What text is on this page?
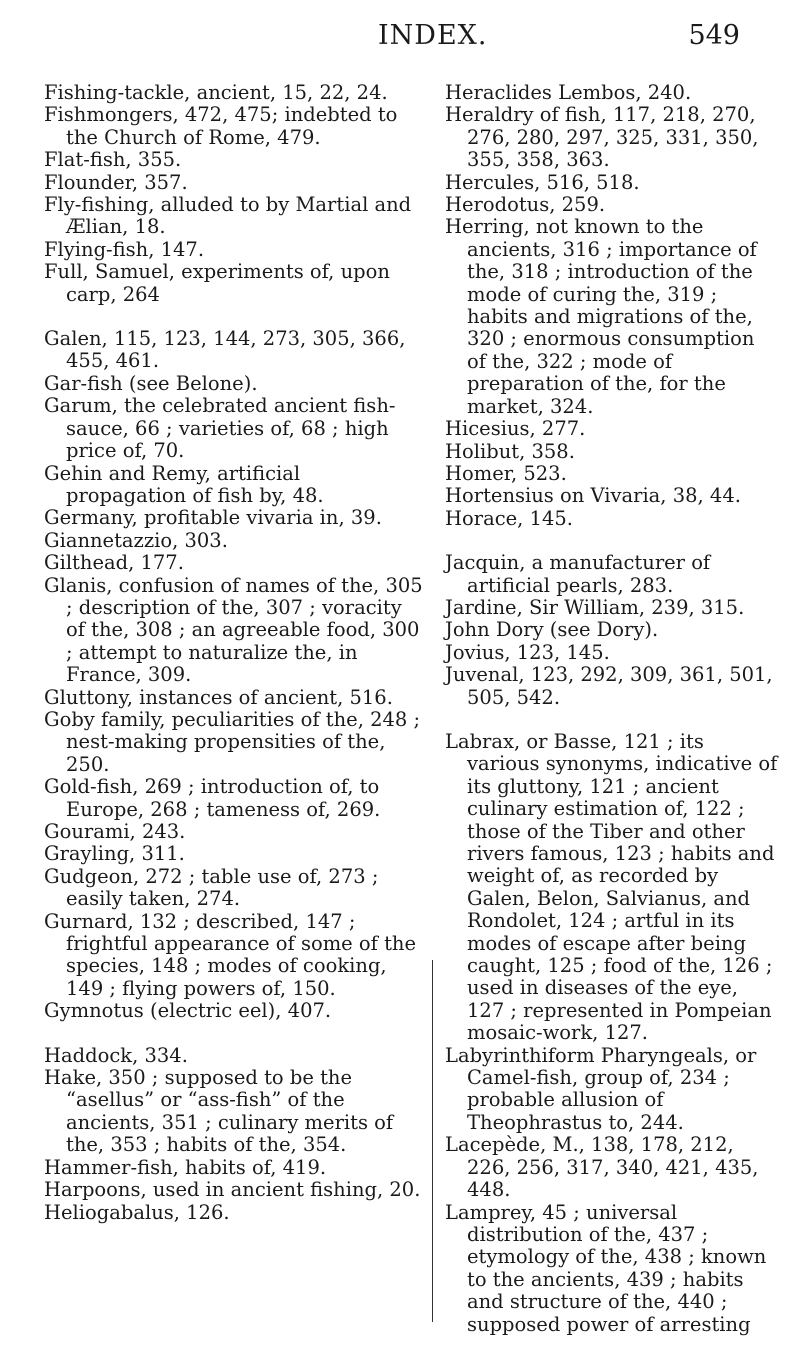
INDEX.	549

Fishing-tackle, ancient, 15, 22, 24.

Fishmongers, 472, 475; indebted to the Church of Rome, 479.

Flat-fish, 355.

Flounder, 357.

Fly-fishing, alluded to by Martial and Ælian, 18.

Flying-fish, 147.

Full, Samuel, experiments of, upon carp, 264

Galen, 115, 123, 144, 273, 305, 366, 455, 461.

Gar-fish (see Belone).

Garum, the celebrated ancient fish-sauce, 66 ; varieties of, 68 ; high price of, 70.

Gehin and Remy, artificial propagation of fish by, 48.

Germany, profitable vivaria in, 39.

Giannetazzio, 303.

Gilthead, 177.

Glanis, confusion of names of the, 305 ; description of the, 307 ; voracity of the, 308 ; an agreeable food, 300 ; attempt to naturalize the, in France, 309.

Gluttony, instances of ancient, 516.

Goby family, peculiarities of the, 248 ; nest-making propensities of the, 250.

Gold-fish, 269 ; introduction of, to Europe, 268 ; tameness of, 269.

Gourami, 243.

Grayling, 311.

Gudgeon, 272 ; table use of, 273 ; easily taken, 274.

Gurnard, 132 ; described, 147 ; frightful appearance of some of the species, 148 ; modes of cooking, 149 ; flying powers of, 150.

Gymnotus (electric eel), 407.

Haddock, 334.

Hake, 350 ; supposed to be the “asellus” or “ass-fish” of the ancients, 351 ; culinary merits of the, 353 ; habits of the, 354.

Hammer-fish, habits of, 419.

Harpoons, used in ancient fishing, 20.

Heliogabalus, 126.

Heraclides Lembos, 240.

Heraldry of fish, 117, 218, 270, 276, 280, 297, 325, 331, 350, 355, 358, 363.

Hercules, 516, 518.

Herodotus, 259.

Herring, not known to the ancients, 316 ; importance of the, 318 ; introduction of the mode of curing the, 319 ; habits and migrations of the, 320 ; enormous consumption of the, 322 ; mode of preparation of the, for the market, 324.

Hicesius, 277.

Holibut, 358.

Homer, 523.

Hortensius on Vivaria, 38, 44.

Horace, 145.

Jacquin, a manufacturer of artificial pearls, 283.

Jardine, Sir William, 239, 315.

John Dory (see Dory).

Jovius, 123, 145.

Juvenal, 123, 292, 309, 361, 501, 505, 542.

Labrax, or Basse, 121 ; its various synonyms, indicative of its gluttony, 121 ; ancient culinary estimation of, 122 ; those of the Tiber and other rivers famous, 123 ; habits and weight of, as recorded by Galen, Belon, Salvianus, and Rondolet, 124 ; artful in its modes of escape after being caught, 125 ; food of the, 126 ; used in diseases of the eye, 127 ; represented in Pompeian mosaic-work, 127.

Labyrinthiform Pharyngeals, or Camel-fish, group of, 234 ; probable allusion of Theophrastus to, 244.

Lacepède, M., 138, 178, 212, 226, 256, 317, 340, 421, 435, 448.

Lamprey, 45 ; universal distribution of the, 437 ; etymology of the, 438 ; known to the ancients, 439 ; habits and structure of the, 440 ; supposed power of arresting
